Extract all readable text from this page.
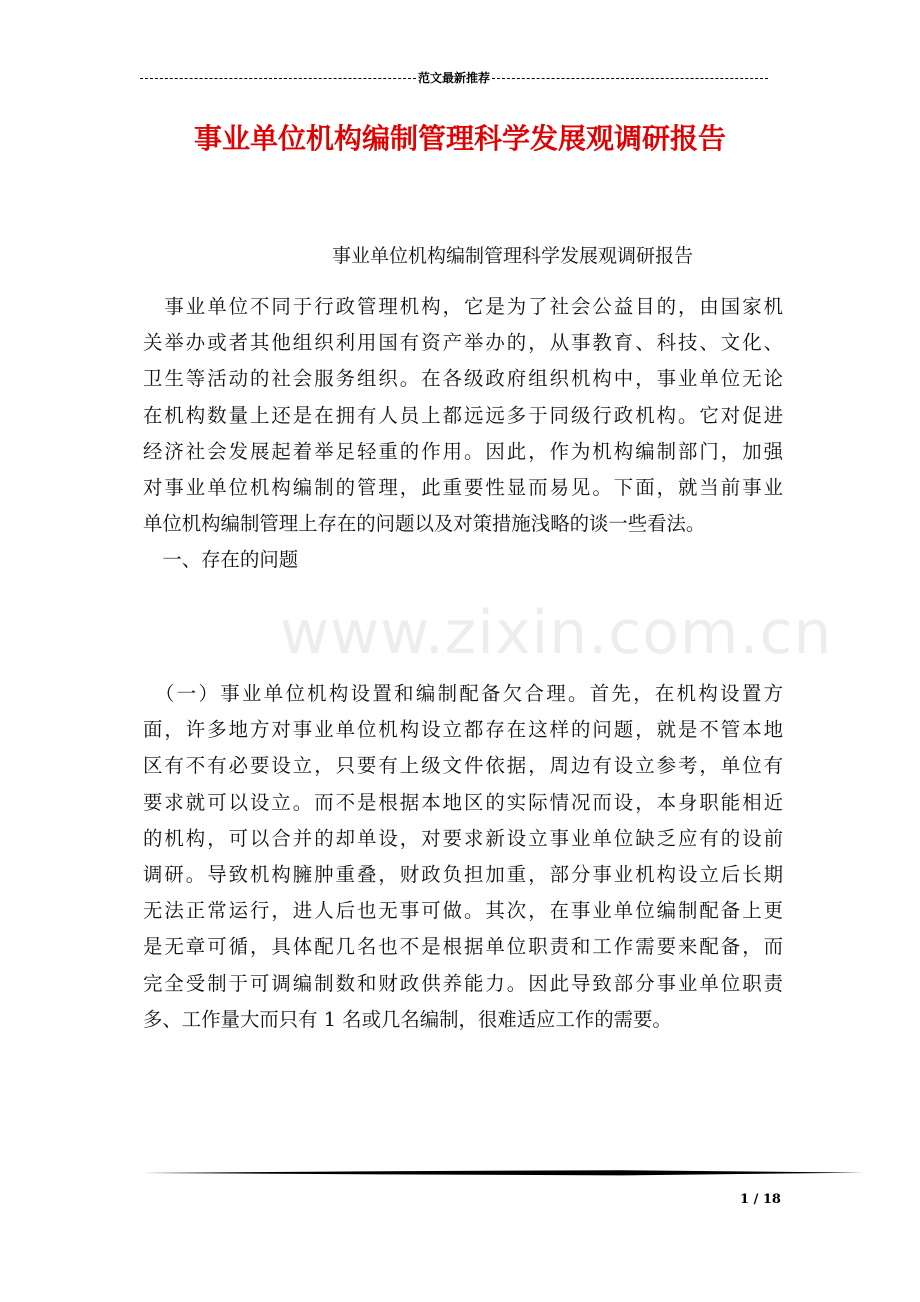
范文最新推荐
事业单位机构编制管理科学发展观调研报告
事业单位机构编制管理科学发展观调研报告
　事业单位不同于行政管理机构，它是为了社会公益目的，由国家机
关举办或者其他组织利用国有资产举办的，从事教育、科技、文化、
卫生等活动的社会服务组织。在各级政府组织机构中，事业单位无论
在机构数量上还是在拥有人员上都远远多于同级行政机构。它对促进
经济社会发展起着举足轻重的作用。因此，作为机构编制部门，加强
对事业单位机构编制的管理，此重要性显而易见。下面，就当前事业
单位机构编制管理上存在的问题以及对策措施浅略的谈一些看法。
　一、存在的问题
　（一）事业单位机构设置和编制配备欠合理。首先，在机构设置方
面，许多地方对事业单位机构设立都存在这样的问题，就是不管本地
区有不有必要设立，只要有上级文件依据，周边有设立参考，单位有
要求就可以设立。而不是根据本地区的实际情况而设，本身职能相近
的机构，可以合并的却单设，对要求新设立事业单位缺乏应有的设前
调研。导致机构臃肿重叠，财政负担加重，部分事业机构设立后长期
无法正常运行，进人后也无事可做。其次，在事业单位编制配备上更
是无章可循，具体配几名也不是根据单位职责和工作需要来配备，而
完全受制于可调编制数和财政供养能力。因此导致部分事业单位职责
多、工作量大而只有 1 名或几名编制，很难适应工作的需要。
www.zixin.com.cn
1 / 18
